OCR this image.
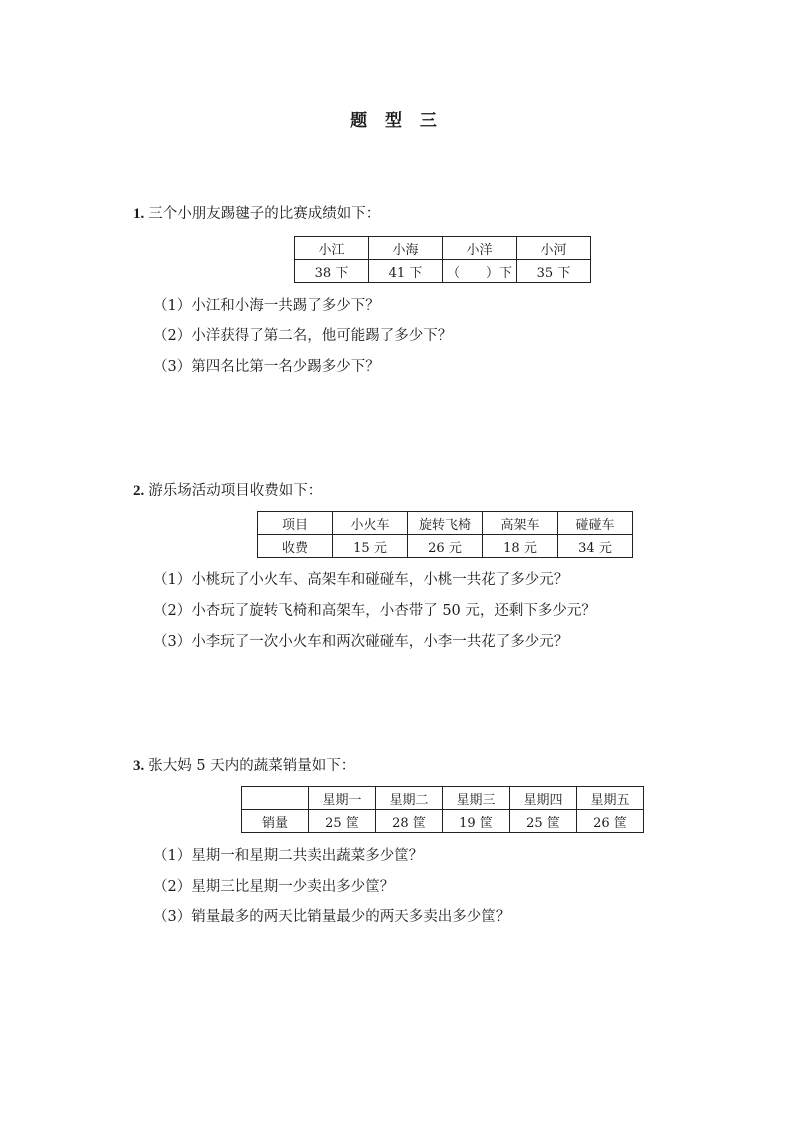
题 型 三
1. 三个小朋友踢毽子的比赛成绩如下：
小江	小海	小洋	小河
38 下	41 下	（　　）下	35 下
（1）小江和小海一共踢了多少下？
（2）小洋获得了第二名，他可能踢了多少下？
（3）第四名比第一名少踢多少下？
2. 游乐场活动项目收费如下：
项目	小火车	旋转飞椅	高架车	碰碰车
收费	15 元	26 元	18 元	34 元
（1）小桃玩了小火车、高架车和碰碰车，小桃一共花了多少元？
（2）小杏玩了旋转飞椅和高架车，小杏带了 50 元，还剩下多少元？
（3）小李玩了一次小火车和两次碰碰车，小李一共花了多少元？
3. 张大妈 5 天内的蔬菜销量如下：
	星期一	星期二	星期三	星期四	星期五
销量	25 筐	28 筐	19 筐	25 筐	26 筐
（1）星期一和星期二共卖出蔬菜多少筐？
（2）星期三比星期一少卖出多少筐？
（3）销量最多的两天比销量最少的两天多卖出多少筐？
